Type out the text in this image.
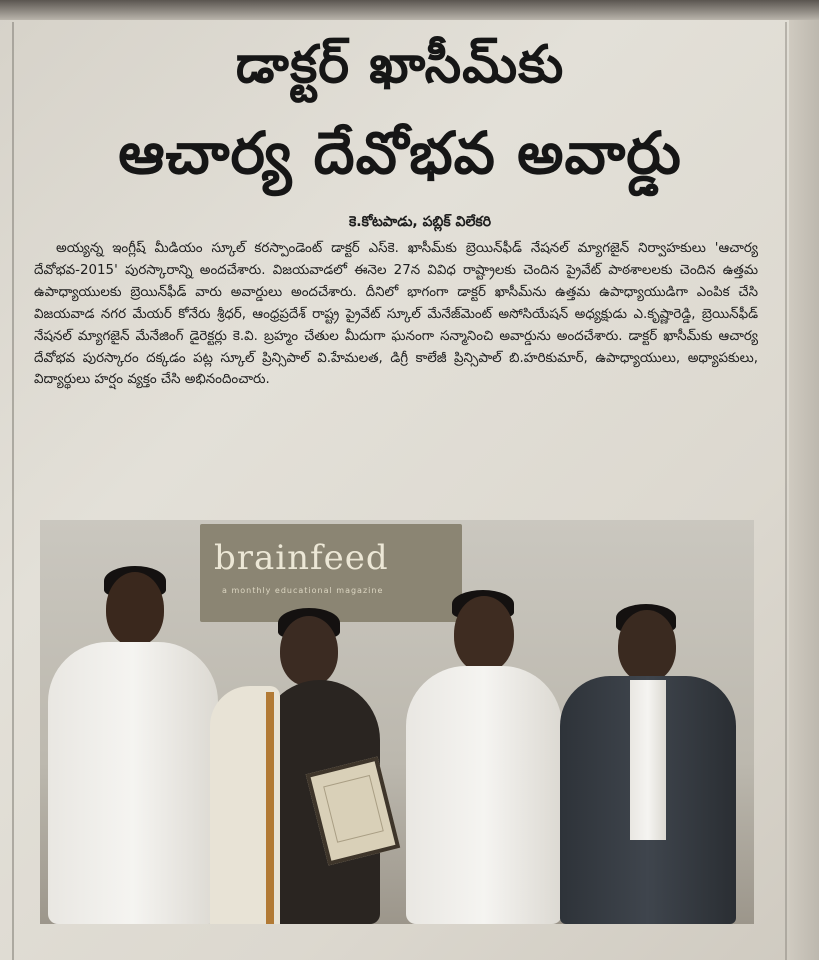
డాక్టర్ ఖాసీమ్‌కు
ఆచార్య దేవోభవ అవార్డు
కె.కోటపాడు, పబ్లిక్ విలేకరి

అయ్యన్న ఇంగ్లీష్ మీడియం స్కూల్ కరస్పాండెంట్ డాక్టర్ ఎస్‌కె. ఖాసీమ్‌కు బ్రెయిన్‌ఫీడ్ నేషనల్ మ్యాగజైన్ నిర్వాహకులు 'ఆచార్య దేవోభవ-2015' పురస్కారాన్ని అందచేశారు. విజయవాడలో ఈనెల 27న వివిధ రాష్ట్రాలకు చెందిన ప్రైవేట్ పాఠశాలలకు చెందిన ఉత్తమ ఉపాధ్యాయులకు బ్రెయిన్‌ఫీడ్ వారు అవార్డులు అందచేశారు. దీనిలో భాగంగా డాక్టర్ ఖాసీమ్‌ను ఉత్తమ ఉపాధ్యాయుడిగా ఎంపిక చేసి విజయవాడ నగర మేయర్ కోనేరు శ్రీధర్, ఆంధ్రప్రదేశ్ రాష్ట్ర ప్రైవేట్ స్కూల్ మేనేజ్‌మెంట్ అసోసియేషన్ అధ్యక్షుడు ఎ.కృష్ణారెడ్డి, బ్రెయిన్‌ఫీడ్ నేషనల్ మ్యాగజైన్ మేనేజింగ్ డైరెక్టర్లు కె.వి. బ్రహ్మం చేతుల మీదుగా ఘనంగా సన్మానించి అవార్డును అందచేశారు. డాక్టర్ ఖాసీమ్‌కు ఆచార్య దేవోభవ పురస్కారం దక్కడం పట్ల స్కూల్ ప్రిన్సిపాల్ వి.హేమలత, డిగ్రీ కాలేజీ ప్రిన్సిపాల్ బి.హరికుమార్, ఉపాధ్యాయులు, అధ్యాపకులు, విద్యార్థులు హర్షం వ్యక్తం చేసి అభినందించారు.

brainfeed
a monthly educational magazine
